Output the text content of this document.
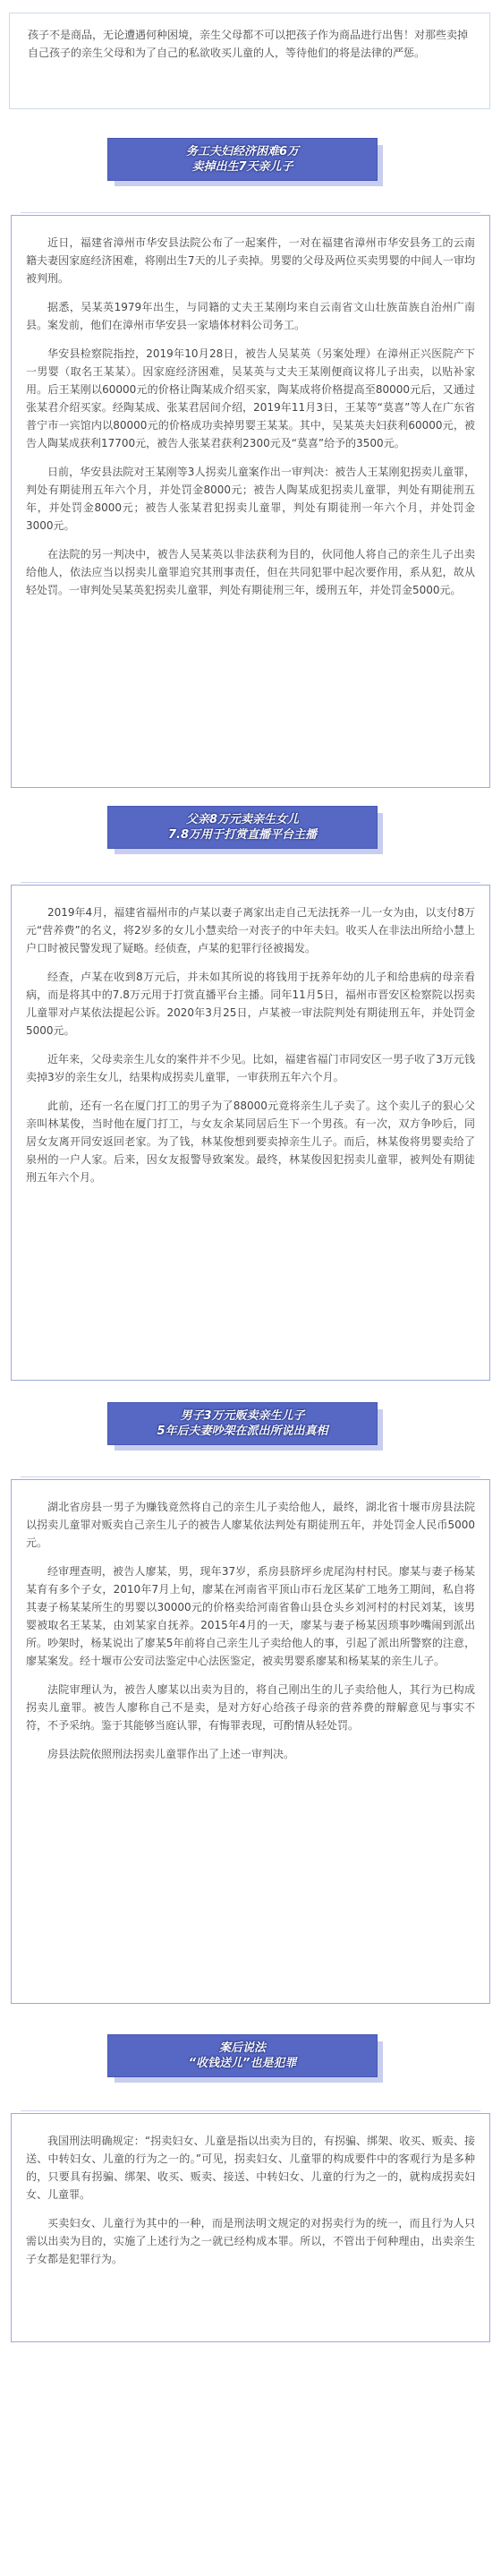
孩子不是商品，无论遭遇何种困境，亲生父母都不可以把孩子作为商品进行出售！对那些卖掉自己孩子的亲生父母和为了自己的私欲收买儿童的人，等待他们的将是法律的严惩。

务工夫妇经济困难6万
卖掉出生7天亲儿子

近日，福建省漳州市华安县法院公布了一起案件，一对在福建省漳州市华安县务工的云南籍夫妻因家庭经济困难，将刚出生7天的儿子卖掉。男婴的父母及两位买卖男婴的中间人一审均被判刑。

据悉，吴某英1979年出生，与同籍的丈夫王某刚均来自云南省文山壮族苗族自治州广南县。案发前，他们在漳州市华安县一家墙体材料公司务工。

华安县检察院指控，2019年10月28日，被告人吴某英（另案处理）在漳州正兴医院产下一男婴（取名王某某）。因家庭经济困难，吴某英与丈夫王某刚便商议将儿子出卖，以贴补家用。后王某刚以60000元的价格让陶某成介绍买家，陶某成将价格提高至80000元后，又通过张某君介绍买家。经陶某成、张某君居间介绍，2019年11月3日，王某等“莫喜”等人在广东省普宁市一宾馆内以80000元的价格成功卖掉男婴王某某。其中，吴某英夫妇获利60000元，被告人陶某成获利17700元，被告人张某君获利2300元及“莫喜”给予的3500元。

日前，华安县法院对王某刚等3人拐卖儿童案作出一审判决：被告人王某刚犯拐卖儿童罪，判处有期徒刑五年六个月，并处罚金8000元；被告人陶某成犯拐卖儿童罪，判处有期徒刑五年，并处罚金8000元；被告人张某君犯拐卖儿童罪，判处有期徒刑一年六个月，并处罚金3000元。

在法院的另一判决中，被告人吴某英以非法获利为目的，伙同他人将自己的亲生儿子出卖给他人，依法应当以拐卖儿童罪追究其刑事责任，但在共同犯罪中起次要作用，系从犯，故从轻处罚。一审判处吴某英犯拐卖儿童罪，判处有期徒刑三年，缓刑五年，并处罚金5000元。

父亲8万元卖亲生女儿
7.8万用于打赏直播平台主播

2019年4月，福建省福州市的卢某以妻子离家出走自己无法抚养一儿一女为由，以支付8万元“营养费”的名义，将2岁多的女儿小慧卖给一对丧子的中年夫妇。收买人在非法出所给小慧上户口时被民警发现了疑略。经侦查，卢某的犯罪行径被揭发。

经查，卢某在收到8万元后，并未如其所说的将钱用于抚养年幼的儿子和给患病的母亲看病，而是将其中的7.8万元用于打赏直播平台主播。同年11月5日，福州市晋安区检察院以拐卖儿童罪对卢某依法提起公诉。2020年3月25日，卢某被一审法院判处有期徒刑五年，并处罚金5000元。

近年来，父母卖亲生儿女的案件并不少见。比如，福建省福门市同安区一男子收了3万元钱卖掉3岁的亲生女儿，结果构成拐卖儿童罪，一审获刑五年六个月。

此前，还有一名在厦门打工的男子为了88000元竟将亲生儿子卖了。这个卖儿子的狠心父亲叫林某俊，当时他在厦门打工，与女友余某同居后生下一个男孩。有一次，双方争吵后，同居女友离开同安返回老家。为了钱，林某俊想到要卖掉亲生儿子。而后，林某俊将男婴卖给了泉州的一户人家。后来，因女友报警导致案发。最终，林某俊因犯拐卖儿童罪，被判处有期徒刑五年六个月。

男子3万元贩卖亲生儿子
5年后夫妻吵架在派出所说出真相

湖北省房县一男子为赚钱竟然将自己的亲生儿子卖给他人，最终，湖北省十堰市房县法院以拐卖儿童罪对贩卖自己亲生儿子的被告人廖某依法判处有期徒刑五年，并处罚金人民币5000元。

经审理查明，被告人廖某，男，现年37岁，系房县脐坪乡虎尾沟村村民。廖某与妻子杨某某育有多个子女，2010年7月上旬，廖某在河南省平顶山市石龙区某矿工地务工期间，私自将其妻子杨某某所生的男婴以30000元的价格卖给河南省鲁山县仓头乡刘河村的村民刘某，该男婴被取名王某某，由刘某家自抚养。2015年4月的一天，廖某与妻子杨某因琐事吵嘴闹到派出所。吵架时，杨某说出了廖某5年前将自己亲生儿子卖给他人的事，引起了派出所警察的注意，廖某案发。经十堰市公安司法鉴定中心法医鉴定，被卖男婴系廖某和杨某某的亲生儿子。

法院审理认为，被告人廖某以出卖为目的，将自己刚出生的儿子卖给他人，其行为已构成拐卖儿童罪。被告人廖称自己不是卖，是对方好心给孩子母亲的营养费的辩解意见与事实不符，不予采纳。鉴于其能够当庭认罪，有悔罪表现，可酌情从轻处罚。

房县法院依照刑法拐卖儿童罪作出了上述一审判决。

案后说法
“收钱送儿”也是犯罪

我国刑法明确规定：“拐卖妇女、儿童是指以出卖为目的，有拐骗、绑架、收买、贩卖、接送、中转妇女、儿童的行为之一的。”可见，拐卖妇女、儿童罪的构成要件中的客观行为是多种的，只要具有拐骗、绑架、收买、贩卖、接送、中转妇女、儿童的行为之一的，就构成拐卖妇女、儿童罪。

买卖妇女、儿童行为其中的一种，而是刑法明文规定的对拐卖行为的统一，而且行为人只需以出卖为目的，实施了上述行为之一就已经构成本罪。所以，不管出于何种理由，出卖亲生子女都是犯罪行为。
